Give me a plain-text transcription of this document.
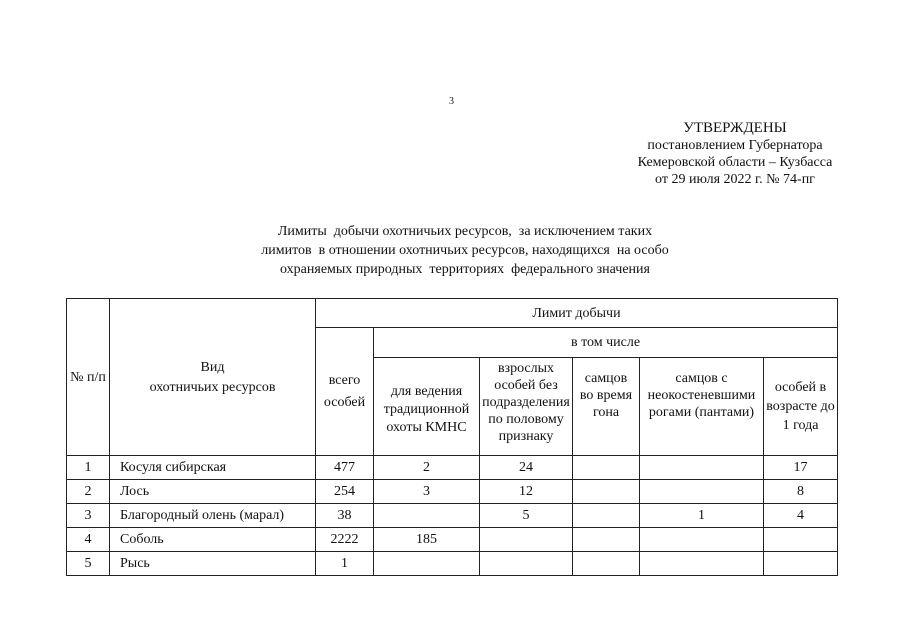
3
УТВЕРЖДЕНЫ
постановлением Губернатора
Кемеровской области – Кузбасса
от 29 июля 2022 г. № 74-пг
Лимиты  добычи охотничьих ресурсов,  за исключением таких
лимитов  в отношении охотничьих ресурсов, находящихся  на особо
охраняемых природных  территориях  федерального значения
№ п/п	Вид
охотничьих ресурсов	Лимит добычи					
		всего особей	в том числе				
			для ведения традиционной охоты КМНС	взрослых особей без подразделения по половому признаку	самцов во время гона	самцов с неокостеневшими рогами (пантами)	особей в возрасте до 1 года
1	Косуля сибирская	477	2	24			17
2	Лось	254	3	12			8
3	Благородный олень (марал)	38		5		1	4
4	Соболь	2222	185				
5	Рысь	1					
